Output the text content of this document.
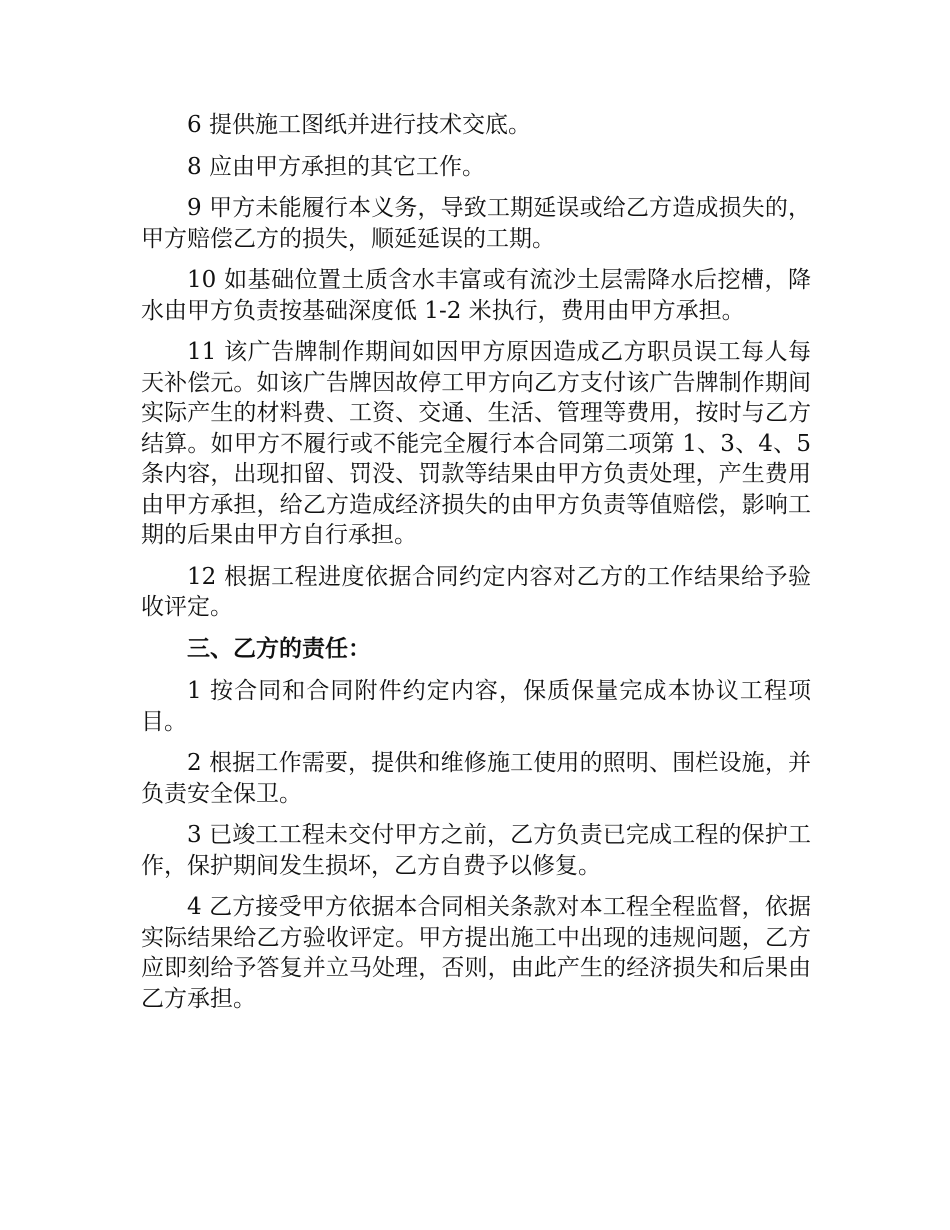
6 提供施工图纸并进行技术交底。

8 应由甲方承担的其它工作。

9 甲方未能履行本义务，导致工期延误或给乙方造成损失的，甲方赔偿乙方的损失，顺延延误的工期。

10 如基础位置土质含水丰富或有流沙土层需降水后挖槽，降水由甲方负责按基础深度低 1-2 米执行，费用由甲方承担。

11 该广告牌制作期间如因甲方原因造成乙方职员误工每人每天补偿元。如该广告牌因故停工甲方向乙方支付该广告牌制作期间实际产生的材料费、工资、交通、生活、管理等费用，按时与乙方结算。如甲方不履行或不能完全履行本合同第二项第 1、3、4、5 条内容，出现扣留、罚没、罚款等结果由甲方负责处理，产生费用由甲方承担，给乙方造成经济损失的由甲方负责等值赔偿，影响工期的后果由甲方自行承担。

12 根据工程进度依据合同约定内容对乙方的工作结果给予验收评定。

三、乙方的责任：

1 按合同和合同附件约定内容，保质保量完成本协议工程项目。

2 根据工作需要，提供和维修施工使用的照明、围栏设施，并负责安全保卫。

3 已竣工工程未交付甲方之前，乙方负责已完成工程的保护工作，保护期间发生损坏，乙方自费予以修复。

4 乙方接受甲方依据本合同相关条款对本工程全程监督，依据实际结果给乙方验收评定。甲方提出施工中出现的违规问题，乙方应即刻给予答复并立马处理，否则，由此产生的经济损失和后果由乙方承担。
